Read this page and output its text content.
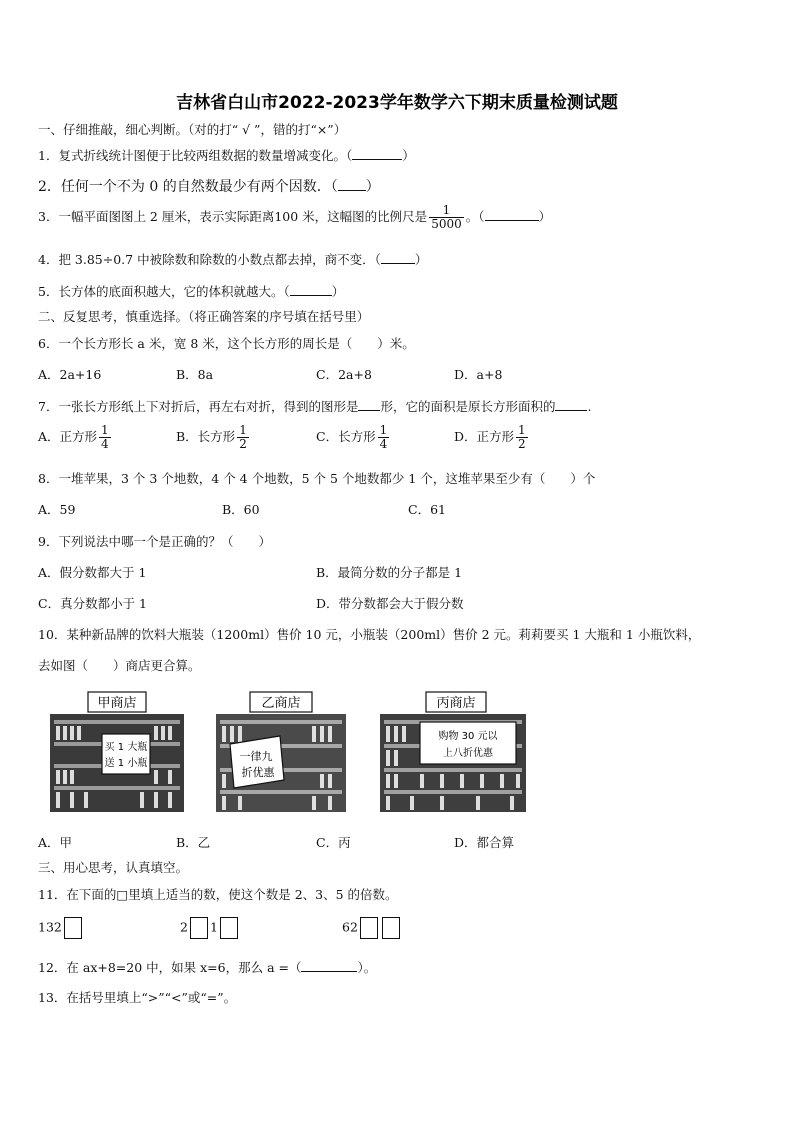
吉林省白山市2022-2023学年数学六下期末质量检测试题
一、仔细推敲，细心判断。（对的打“ √ ”，错的打“×”）
1．复式折线统计图便于比较两组数据的数量增减变化。（	）
2．任何一个不为 0 的自然数最少有两个因数．（ ）
3．一幅平面图图上 2 厘米，表示实际距离100 米，这幅图的比例尺是 $\frac{1}{5000}$ 。（	）
4．把 3.85÷0.7 中被除数和除数的小数点都去掉，商不变．（	）
5．长方体的底面积越大，它的体积就越大。（	）
二、反复思考，慎重选择。（将正确答案的序号填在括号里）
6．一个长方形长 a 米，宽 8 米，这个长方形的周长是（　　）米。
A．2a+16	B．8a	C．2a+8	D．a+8
7．一张长方形纸上下对折后，再左右对折，得到的图形是 形，它的面积是原长方形面积的	.
A．正方形 $\frac{1}{4}$	B．长方形 $\frac{1}{2}$	C．长方形 $\frac{1}{4}$	D．正方形 $\frac{1}{2}$
8．一堆苹果，3 个 3 个地数，4 个 4 个地数，5 个 5 个地数都少 1 个，这堆苹果至少有（　　）个
A．59	B．60	C．61
9．下列说法中哪一个是正确的？（　　）
A．假分数都大于 1	B．最简分数的分子都是 1
C．真分数都小于 1	D．带分数都会大于假分数
10．某种新品牌的饮料大瓶装（1200ml）售价 10 元，小瓶装（200ml）售价 2 元。莉莉要买 1 大瓶和 1 小瓶饮料，
去如图（　　）商店更合算。
甲商店
买 1 大瓶
送 1 小瓶
乙商店
一律九
折优惠
丙商店
购物 30 元以
上八折优惠
A．甲	B．乙	C．丙	D．都合算
三、用心思考，认真填空。
11．在下面的□里填上适当的数，使这个数是 2、3、5 的倍数。
132	2 1	62
12．在 ax+8=20 中，如果 x=6，那么 a =（	）。
13．在括号里填上“>”“<”或“=”。
